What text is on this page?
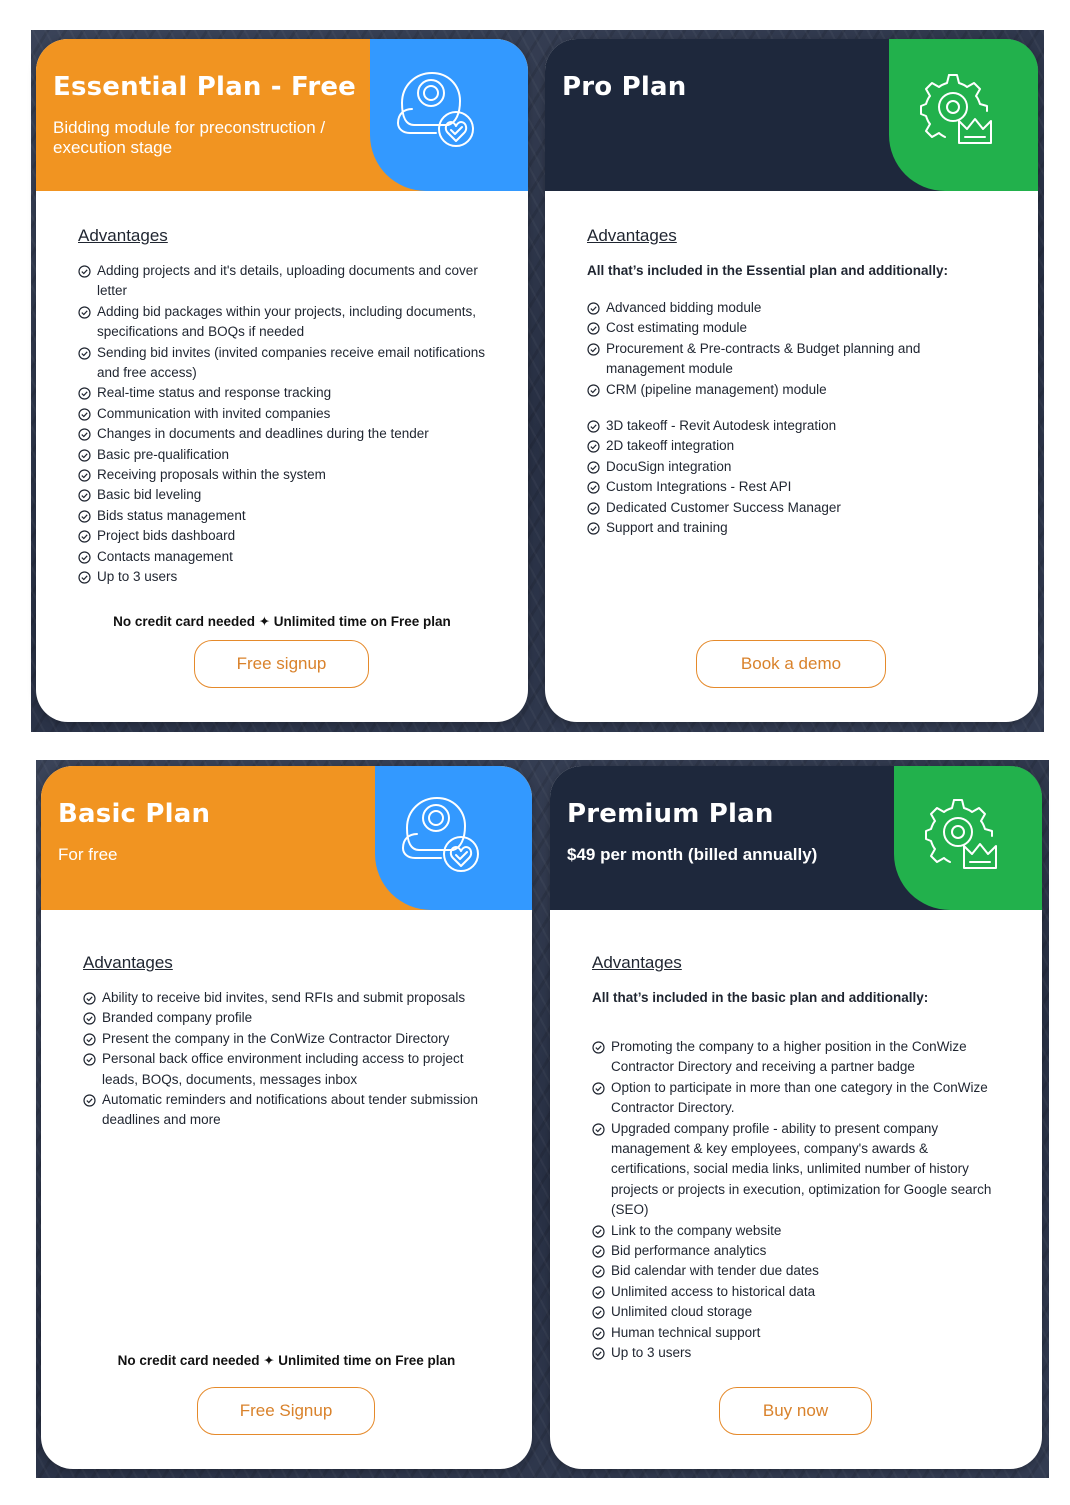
Essential Plan - Free
Bidding module for preconstruction /
execution stage
Advantages
Adding projects and it's details, uploading documents and cover letter
Adding bid packages within your projects, including documents, specifications and BOQs if needed
Sending bid invites (invited companies receive email notifications and free access)
Real-time status and response tracking
Communication with invited companies
Changes in documents and deadlines during the tender
Basic pre-qualification
Receiving proposals within the system
Basic bid leveling
Bids status management
Project bids dashboard
Contacts management
Up to 3 users
No credit card needed ✦ Unlimited time on Free plan
Free signup
Pro Plan
Advantages
All that’s included in the Essential plan and additionally:
Advanced bidding module
Cost estimating module
Procurement & Pre-contracts & Budget planning and management module
CRM (pipeline management) module
3D takeoff - Revit Autodesk integration
2D takeoff integration
DocuSign integration
Custom Integrations - Rest API
Dedicated Customer Success Manager
Support and training
Book a demo
Basic Plan
For free
Advantages
Ability to receive bid invites, send RFIs and submit proposals
Branded company profile
Present the company in the ConWize Contractor Directory
Personal back office environment including access to project leads, BOQs, documents, messages inbox
Automatic reminders and notifications about tender submission deadlines and more
No credit card needed ✦ Unlimited time on Free plan
Free Signup
Premium Plan
$49 per month (billed annually)
Advantages
All that’s included in the basic plan and additionally:
Promoting the company to a higher position in the ConWize Contractor Directory and receiving a partner badge
Option to participate in more than one category in the ConWize Contractor Directory.
Upgraded company profile - ability to present company management & key employees, company's awards & certifications, social media links, unlimited number of history projects or projects in execution, optimization for Google search (SEO)
Link to the company website
Bid performance analytics
Bid calendar with tender due dates
Unlimited access to historical data
Unlimited cloud storage
Human technical support
Up to 3 users
Buy now
